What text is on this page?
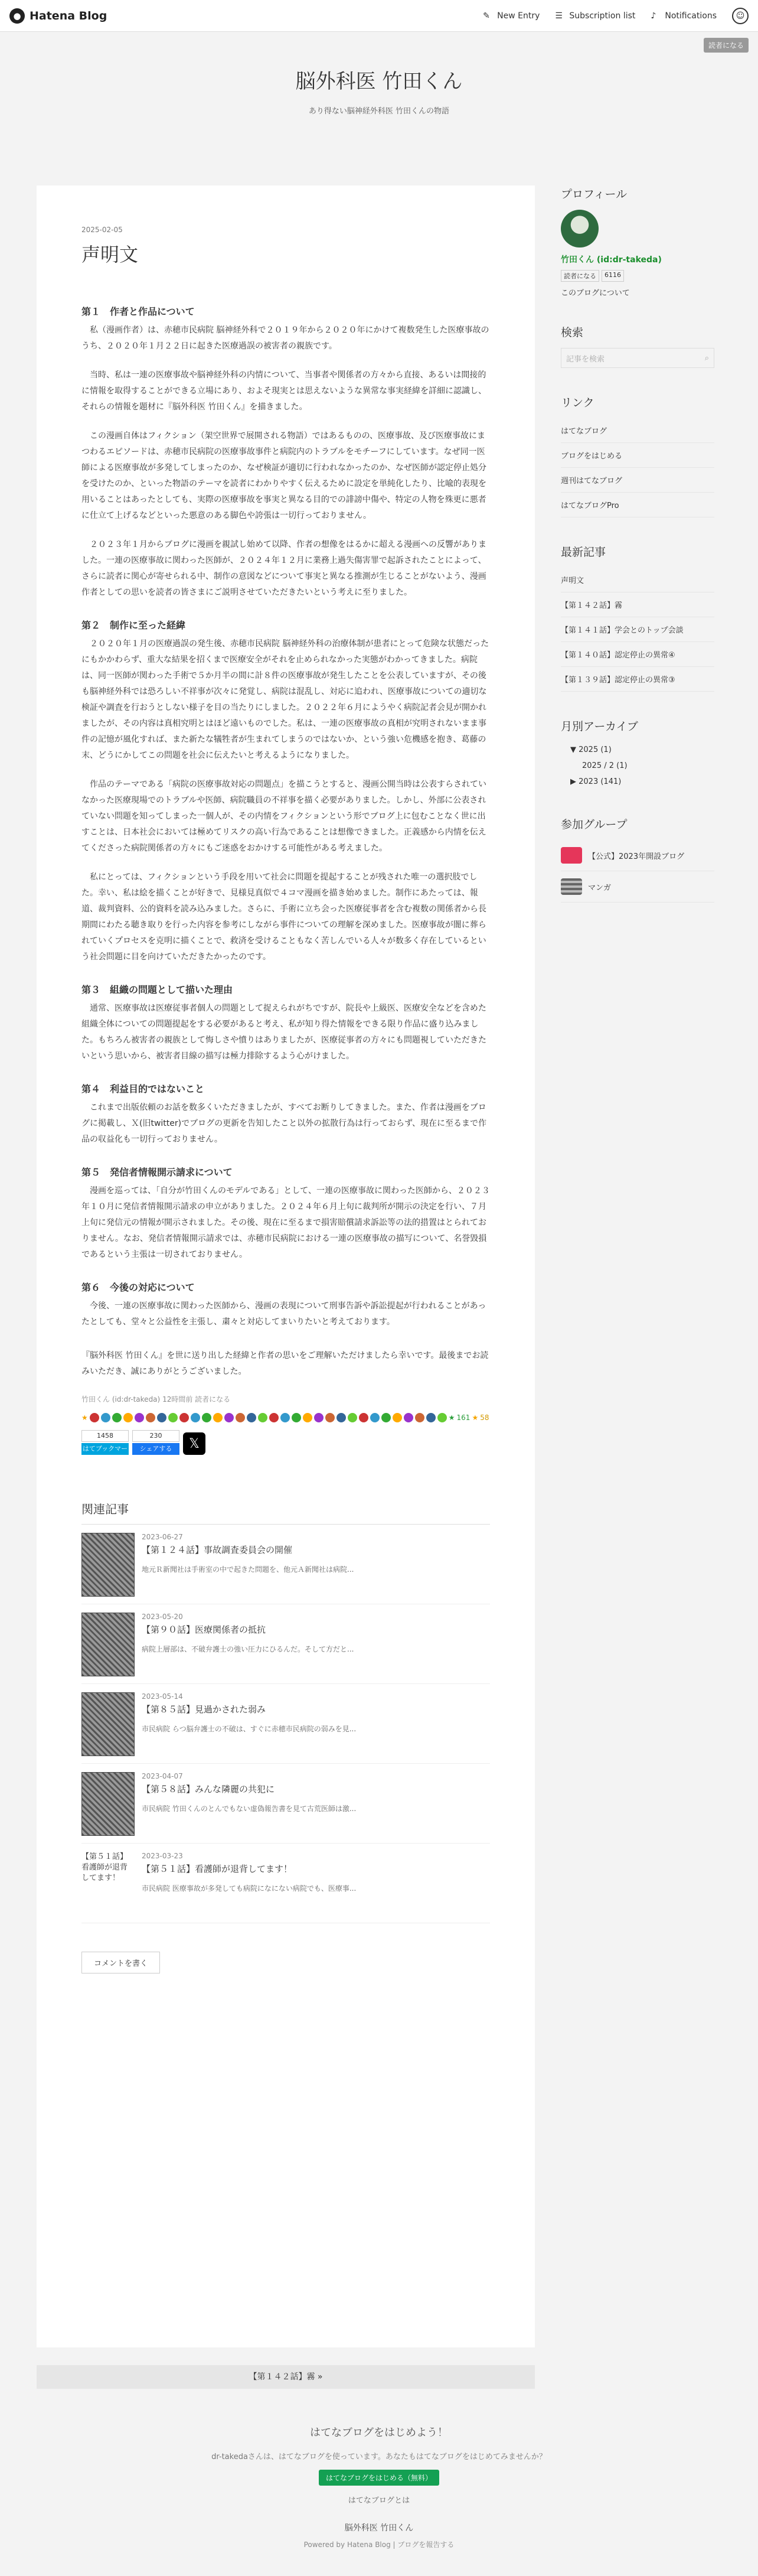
● Hatena Blog	✎ New Entry ☰ Subscription list ♪	Notifications	☺
読者になる
脳外科医 竹田くん
あり得ない脳神経外科医 竹田くんの物語
2025-02-05
声明文
第１　作者と作品について

　私（漫画作者）は、赤穂市民病院 脳神経外科で２０１９年から２０２０年にかけて複数発生した医療事故のうち、２０２０年１月２２日に起きた医療過誤の被害者の親族です。

　当時、私は一連の医療事故や脳神経外科の内情について、当事者や関係者の方々から直接、あるいは間接的に情報を取得することができる立場にあり、およそ現実とは思えないような異常な事実経緯を詳細に認識し、それらの情報を題材に『脳外科医 竹田くん』を描きました。

　この漫画自体はフィクション（架空世界で展開される物語）ではあるものの、医療事故、及び医療事故にまつわるエピソードは、赤穂市民病院の医療事故事件と病院内のトラブルをモチーフにしています。なぜ同一医師による医療事故が多発してしまったのか、なぜ検証が適切に行われなかったのか、なぜ医師が認定停止処分を受けたのか、といった物語のテーマを読者にわかりやすく伝えるために設定を単純化したり、比喩的表現を用いることはあったとしても、実際の医療事故を事実と異なる目的での誹謗中傷や、特定の人物を殊更に悪者に仕立て上げるなどといった悪意のある脚色や誇張は一切行っておりません。

　２０２３年１月からブログに漫画を親試し始めて以降、作者の想像をはるかに超える漫画への反響がありました。一連の医療事故に関わった医師が、２０２４年１２月に業務上過失傷害罪で起訴されたことによって、さらに読者に関心が寄せられる中、制作の意図などについて事実と異なる推測が生じることがないよう、漫画作者としての思いを読者の皆さまにご説明させていただきたいという考えに至りました。

第２　制作に至った経緯

　２０２０年１月の医療過誤の発生後、赤穂市民病院 脳神経外科の治療体制が患者にとって危険な状態だったにもかかわらず、重大な結果を招くまで医療安全がそれを止められなかった実態がわかってきました。病院は、同一医師が関わった手術で５か月半の間に計８件の医療事故が発生したことを公表していますが、その後も脳神経外科では恐ろしい不祥事が次々に発覚し、病院は混乱し、対応に追われ、医療事故についての適切な検証や調査を行おうとしない様子を目の当たりにしました。２０２２年６月にようやく病院記者会見が開かれましたが、その内容は真相究明とはほど遠いものでした。私は、一連の医療事故の真相が究明されないまま事件の記憶が風化すれば、また新たな犠牲者が生まれてしまうのではないか、という強い危機感を抱き、葛藤の末、どうにかしてこの問題を社会に伝えたいと考えるようになりました。

　作品のテーマである「病院の医療事故対応の問題点」を描こうとすると、漫画公開当時は公表すらされていなかった医療現場でのトラブルや医師、病院職員の不祥事を描く必要がありました。しかし、外部に公表されていない問題を知ってしまった一個人が、その内情をフィクションという形でブログ上に包むことなく世に出すことは、日本社会においては極めてリスクの高い行為であることは想像できました。正義感から内情を伝えてくださった病院関係者の方々にもご迷惑をおかけする可能性がある考えました。

　私にとっては、フィクションという手段を用いて社会に問題を提起することが残された唯一の選択肢でした。幸い、私は絵を描くことが好きで、見様見真似で４コマ漫画を描き始めました。制作にあたっては、報道、裁判資料、公的資料を読み込みました。さらに、手術に立ち会った医療従事者を含む複数の関係者から長期間にわたる聴き取りを行った内容を参考にしながら事件についての理解を深めました。医療事故が闇に葬られていくプロセスを克明に描くことで、救済を受けることもなく苦しんでいる人々が数多く存在しているという社会問題に目を向けていただきたかったのです。

第３　組織の問題として描いた理由

　通常、医療事故は医療従事者個人の問題として捉えられがちですが、院長や上級医、医療安全などを含めた組織全体についての問題提起をする必要があると考え、私が知り得た情報をできる限り作品に盛り込みました。もちろん被害者の親族として悔しさや憤りはありましたが、医療従事者の方々にも問題視していただきたいという思いから、被害者目線の描写は極力排除するよう心がけました。

第４　利益目的ではないこと

　これまで出版依頼のお話を数多くいただきましたが、すべてお断りしてきました。また、作者は漫画をブログに掲載し、Ｘ(旧twitter)でブログの更新を告知したこと以外の拡散行為は行っておらず、現在に至るまで作品の収益化も一切行っておりません。

第５　発信者情報開示請求について

　漫画を巡っては、「自分が竹田くんのモデルである」として、一連の医療事故に関わった医師から、２０２３年１０月に発信者情報開示請求の申立がありました。２０２４年６月上旬に裁判所が開示の決定を行い、７月上旬に発信元の情報が開示されました。その後、現在に至るまで損害賠償請求訴訟等の法的措置はとられておりません。なお、発信者情報開示請求では、赤穂市民病院における一連の医療事故の描写について、名誉毀損であるという主張は一切されておりません。

第６　今後の対応について

　今後、一連の医療事故に関わった医師から、漫画の表現について刑事告訴や訴訟提起が行われることがあったとしても、堂々と公益性を主張し、粛々と対応してまいりたいと考えております。

『脳外科医 竹田くん』を世に送り出した経緯と作者の思いをご理解いただけましたら幸いです。最後までお読みいただき、誠にありがとうございました。

竹田くん (id:dr-takeda) 12時間前 読者になる
★	★ 161 ★ 58
1458
はてブックマーク
230
シェアする	𝕏
関連記事
2023-06-27
【第１２４話】事故調査委員会の開催
地元Ｒ新聞社は手術室の中で起きた問題を、他元Ａ新聞社は病院...
2023-05-20
【第９０話】医療関係者の抵抗
病院上層部は、不破弁護士の強い圧力にひるんだ。そして方だと...
2023-05-14
【第８５話】見過かされた弱み
市民病院 らつ脳弁護士の不破は、すぐに赤穂市民病院の弱みを見...
2023-04-07
【第５８話】みんな隣麗の共犯に
市民病院 竹田くんのとんでもない虚偽報告書を見て古荒医師は激...
【第５１話】看護師が退背してます！
2023-03-23
【第５１話】看護師が退背してます！
市民病院 医療事故が多発しても病院になにない病院でも、医療事...
コメントを書く
【第１４２話】霧 »
プロフィール
竹田くん (id:dr-takeda)
読者になる	6116
このブログについて
検索
記事を検索	⌕
リンク
はてなブログ
ブログをはじめる
週刊はてなブログ
はてなブログPro
最新記事
声明文
【第１４２話】霧
【第１４１話】学会とのトップ会談
【第１４０話】認定停止の異常④
【第１３９話】認定停止の異常③
月別アーカイブ
▼ 2025 (1)
2025 / 2 (1)
▶ 2023 (141)
参加グループ
【公式】2023年開設ブログ
マンガ
はてなブログをはじめよう！
dr-takedaさんは、はてなブログを使っています。あなたもはてなブログをはじめてみませんか？
はてなブログをはじめる（無料）
はてなブログとは
脳外科医 竹田くん
Powered by Hatena Blog | ブログを報告する
